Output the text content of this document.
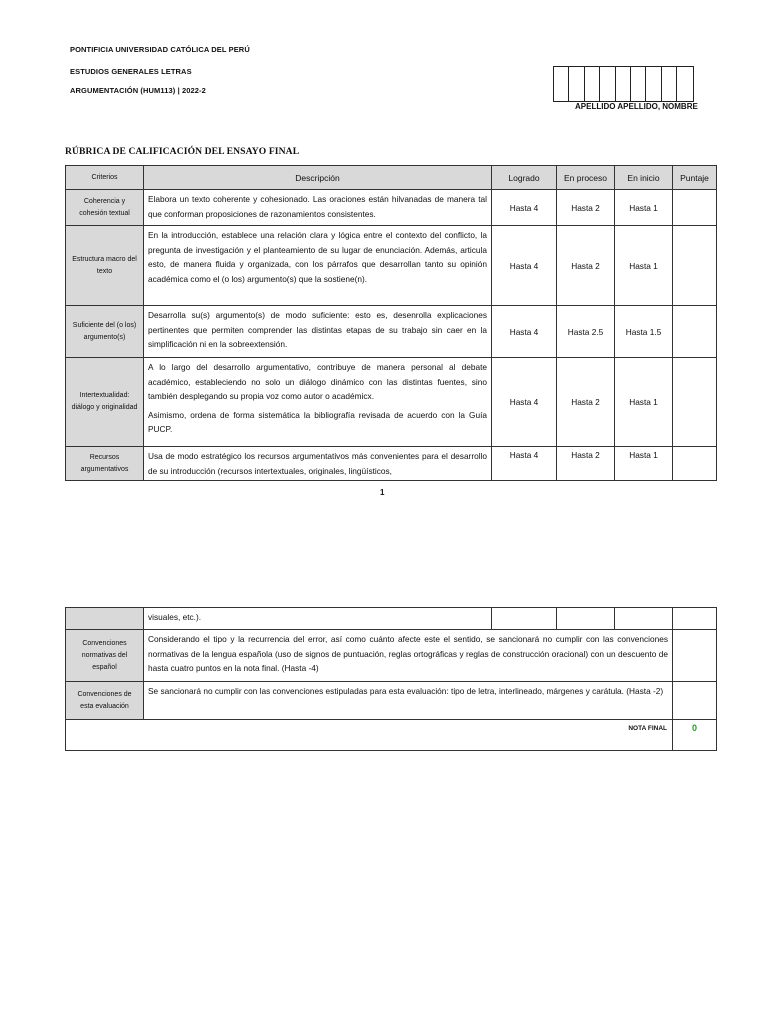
PONTIFICIA UNIVERSIDAD CATÓLICA DEL PERÚ
ESTUDIOS GENERALES LETRAS
ARGUMENTACIÓN (HUM113) | 2022-2
APELLIDO APELLIDO, NOMBRE
RÚBRICA DE CALIFICACIÓN DEL ENSAYO FINAL
Criterios	Descripción	Logrado	En proceso	En inicio	Puntaje
Coherencia y cohesión textual	Elabora un texto coherente y cohesionado. Las oraciones están hilvanadas de manera tal que conforman proposiciones de razonamientos consistentes.	Hasta 4	Hasta 2	Hasta 1	
Estructura macro del texto	En la introducción, establece una relación clara y lógica entre el contexto del conflicto, la pregunta de investigación y el planteamiento de su lugar de enunciación. Además, articula esto, de manera fluida y organizada, con los párrafos que desarrollan tanto su opinión académica como el (o los) argumento(s) que la sostiene(n).	Hasta 4	Hasta 2	Hasta 1	
Suficiente del (o los) argumento(s)	Desarrolla su(s) argumento(s) de modo suficiente: esto es, desenrolla explicaciones pertinentes que permiten comprender las distintas etapas de su trabajo sin caer en la simplificación ni en la sobreextensión.	Hasta 4	Hasta 2.5	Hasta 1.5	
Intertextualidad: diálogo y originalidad	A lo largo del desarrollo argumentativo, contribuye de manera personal al debate académico, estableciendo no solo un diálogo dinámico con las distintas fuentes, sino también desplegando su propia voz como autor o académicx.

Asimismo, ordena de forma sistemática la bibliografía revisada de acuerdo con la Guía PUCP.	Hasta 4	Hasta 2	Hasta 1	
Recursos argumentativos	Usa de modo estratégico los recursos argumentativos más convenientes para el desarrollo de su introducción (recursos intertextuales, originales, lingüísticos,	Hasta 4	Hasta 2	Hasta 1	
1

	visuales, etc.).				

Convenciones normativas del español	Considerando el tipo y la recurrencia del error, así como cuánto afecte este el sentido, se sancionará no cumplir con las convenciones normativas de la lengua española (uso de signos de puntuación, reglas ortográficas y reglas de construcción oracional) con un descuento de hasta cuatro puntos en la nota final. (Hasta -4)				

Convenciones de esta evaluación	Se sancionará no cumplir con las convenciones estipuladas para esta evaluación: tipo de letra, interlineado, márgenes y carátula. (Hasta -2)				

NOTA FINAL					0
